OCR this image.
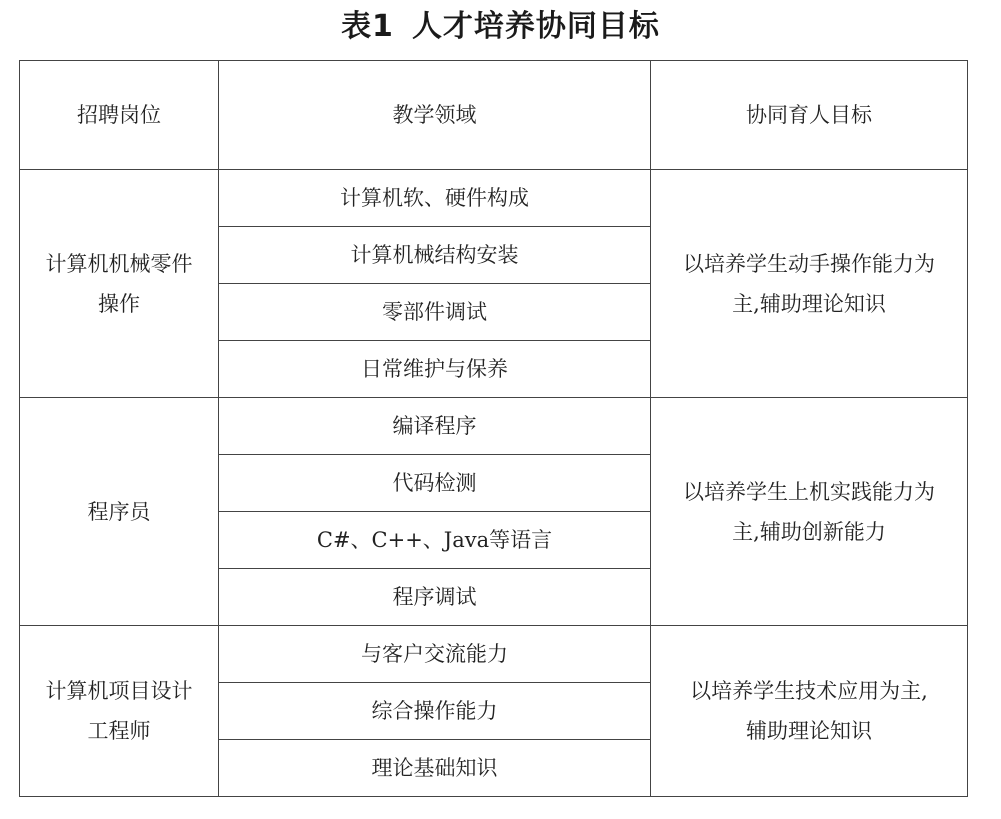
表1 人才培养协同目标
招聘岗位	教学领域	协同育人目标

计算机机械零件
操作	计算机软、硬件构成	以培养学生动手操作能力为
主,辅助理论知识

	计算机械结构安装	
	零部件调试	
	日常维护与保养	

程序员	编译程序	以培养学生上机实践能力为
主,辅助创新能力

	代码检测	
	C#、C++、Java等语言	
	程序调试	

计算机项目设计
工程师	与客户交流能力	以培养学生技术应用为主,
辅助理论知识

	综合操作能力	
	理论基础知识	
